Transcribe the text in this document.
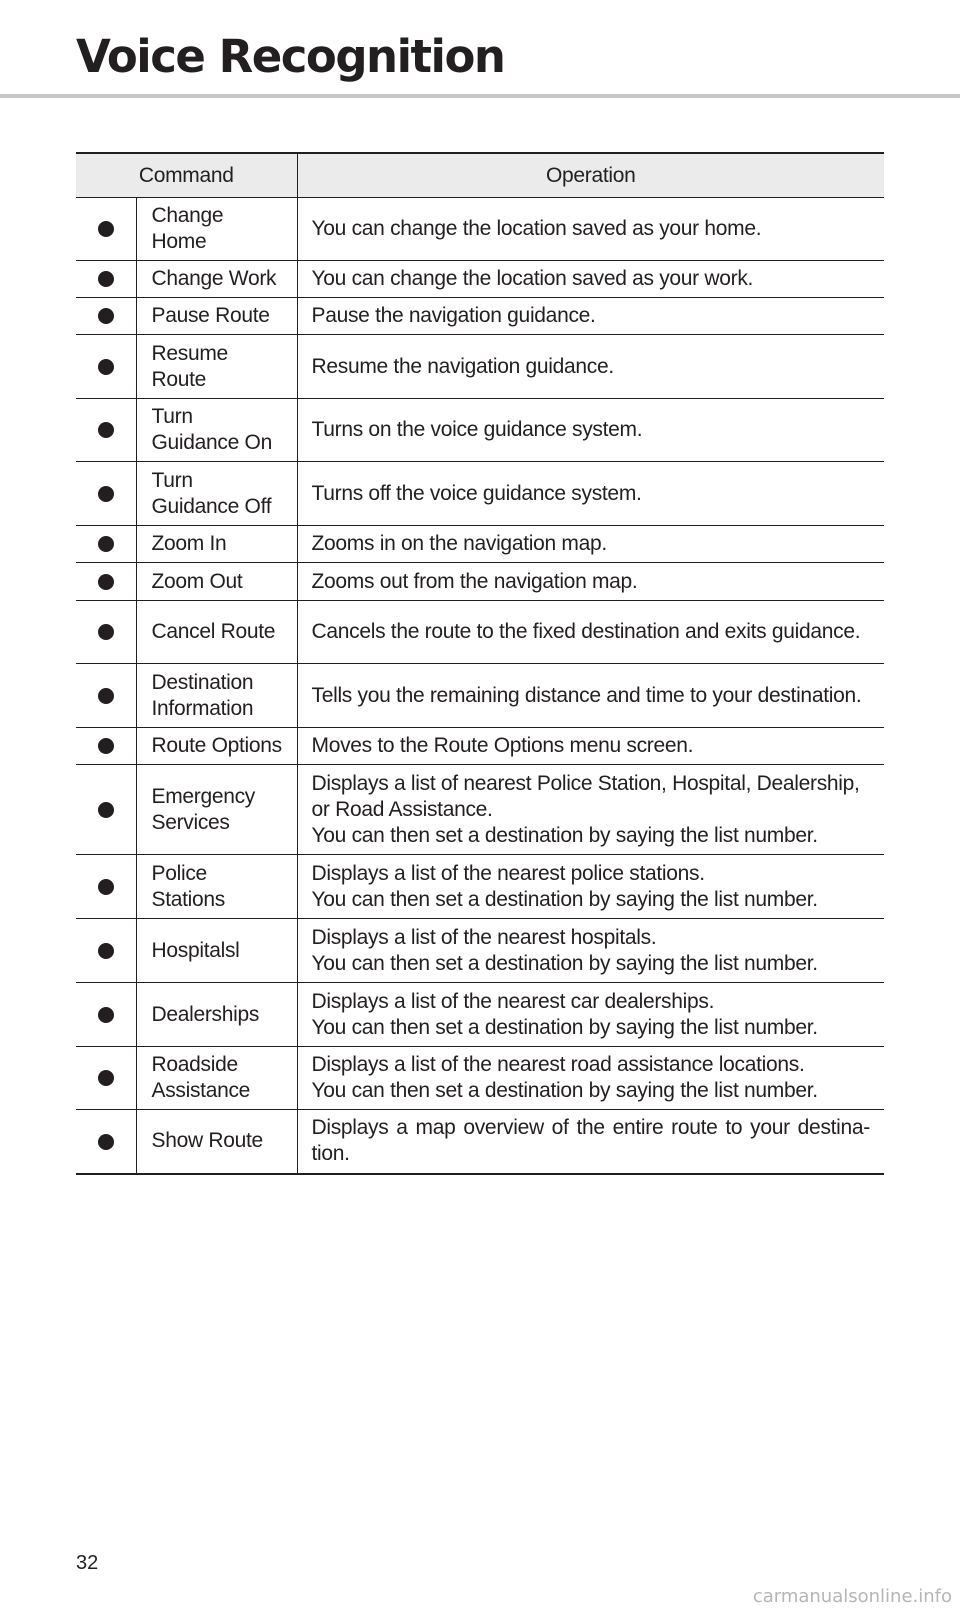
Voice Recognition
Command		Operation

	Change
Home	You can change the location saved as your home.

	Change Work	You can change the location saved as your work.

	Pause Route	Pause the navigation guidance.

	Resume
Route	Resume the navigation guidance.

	Turn
Guidance On	Turns on the voice guidance system.

	Turn
Guidance Off	Turns off the voice guidance system.

	Zoom In	Zooms in on the navigation map.

	Zoom Out	Zooms out from the navigation map.

	Cancel Route	Cancels the route to the fixed destination and exits guidance.

	Destination
Information	Tells you the remaining distance and time to your destination.

	Route Options	Moves to the Route Options menu screen.

	Emergency
Services	Displays a list of nearest Police Station, Hospital, Dealership,
or Road Assistance.
You can then set a destination by saying the list number.

	Police
Stations	Displays a list of the nearest police stations.
You can then set a destination by saying the list number.

	Hospitalsl	Displays a list of the nearest hospitals.
You can then set a destination by saying the list number.

	Dealerships	Displays a list of the nearest car dealerships.
You can then set a destination by saying the list number.

	Roadside
Assistance	Displays a list of the nearest road assistance locations.
You can then set a destination by saying the list number.

	Show Route	Displays a map overview of the entire route to your destina-tion.
32
carmanualsonline.info
